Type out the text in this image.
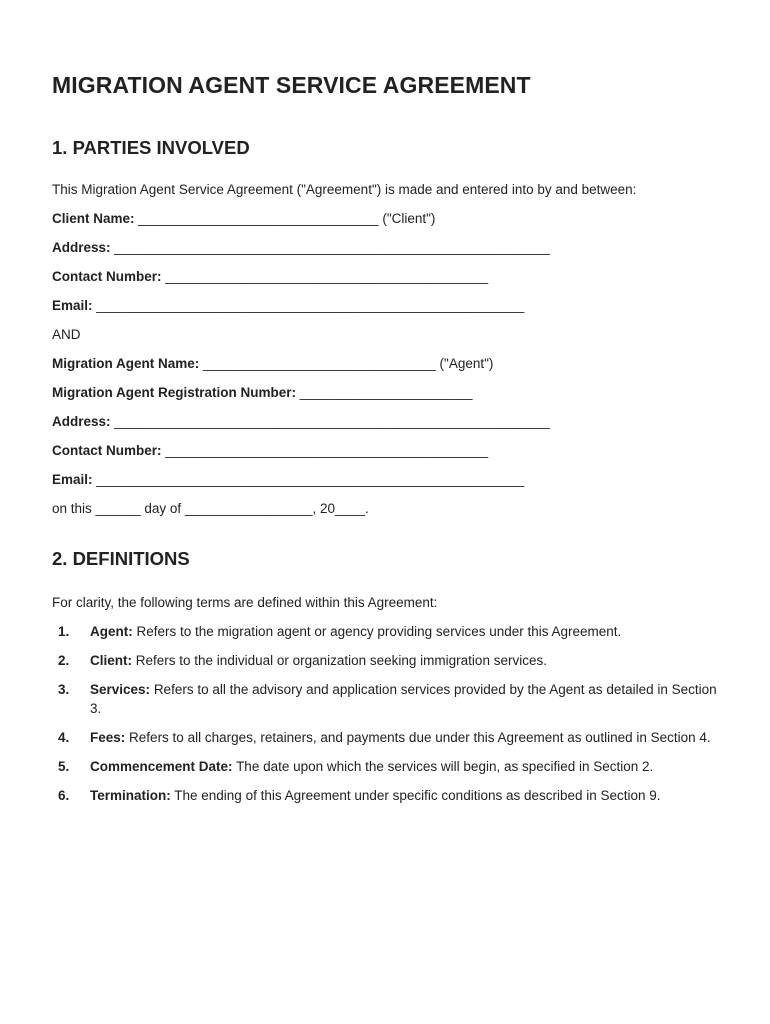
MIGRATION AGENT SERVICE AGREEMENT
1. PARTIES INVOLVED

This Migration Agent Service Agreement ("Agreement") is made and entered into by and between:

Client Name: ________________________________ ("Client")
Address: __________________________________________________________
Contact Number: ___________________________________________
Email: _________________________________________________________

AND

Migration Agent Name: _______________________________ ("Agent")
Migration Agent Registration Number: _______________________
Address: __________________________________________________________
Contact Number: ___________________________________________
Email: _________________________________________________________

on this ______ day of _________________, 20____.

2. DEFINITIONS

For clarity, the following terms are defined within this Agreement:

1.	Agent: Refers to the migration agent or agency providing services under this Agreement.
2.	Client: Refers to the individual or organization seeking immigration services.
3.	Services: Refers to all the advisory and application services provided by the Agent as detailed in Section 3.
4.	Fees: Refers to all charges, retainers, and payments due under this Agreement as outlined in Section 4.
5.	Commencement Date: The date upon which the services will begin, as specified in Section 2.
6.	Termination: The ending of this Agreement under specific conditions as described in Section 9.
